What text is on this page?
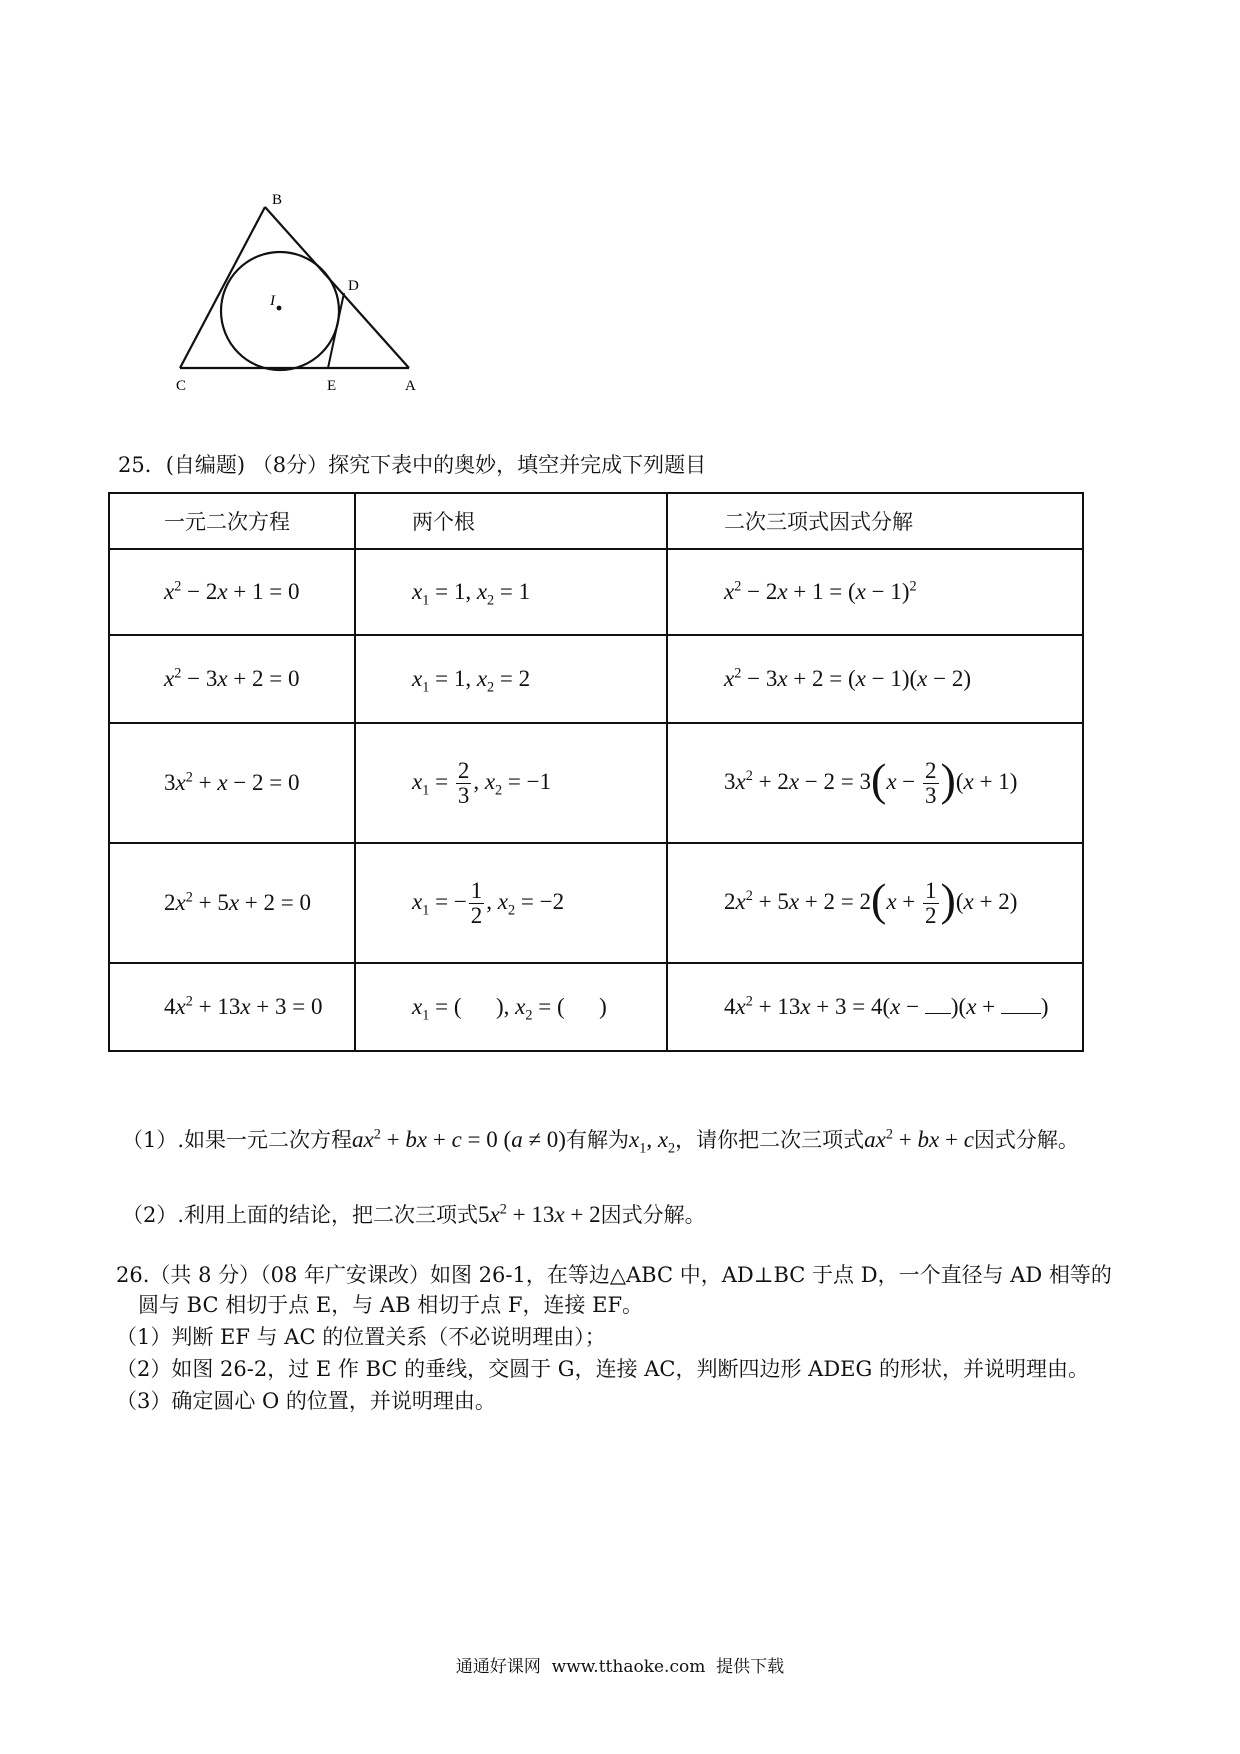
B
D
I
C	E	A
25．(自编题) （8分）探究下表中的奥妙，填空并完成下列题目
一元二次方程	两个根	二次三项式因式分解
$x^2 - 2x + 1 = 0$	$x_1 = 1$, $x_2 = 1$	$x^2 - 2x + 1 = (x - 1)^2$
$x^2 - 3x + 2 = 0$	$x_1 = 1$, $x_2 = 2$	$x^2 - 3x + 2 = (x - 1)(x - 2)$
$3x^2 + x - 2 = 0$	$x_1 = \frac{2}{3}$ , $x_2 = -1$	$3x^2 + 2x - 2 = 3(x - \frac{2}{3} )(x + 1)$
$2x^2 + 5x + 2 = 0$	$x_1$ = − $\frac{1}{2}$ , $x_2 = -2$	$2x^2 + 5x + 2 = 2(x + \frac{1}{2} )(x + 2)$
$4x^2 + 13x + 3 = 0$	$x_1$ = (      ), $x_2$ = (      )	$4x^2 + 13x + 3 = 4(x - )(x$ + )
（1）.如果一元二次方程$ax^2$ + bx + c = 0 (a ≠ 0)有解为$x_1$, $x_2$，请你把二次三项式$ax^2$ + bx + c因式分解。
（2）.利用上面的结论，把二次三项式$5x^2 + 13x + 2$因式分解。
26.（共 8 分）（08 年广安课改）如图 26-1，在等边△ABC 中，AD⊥BC 于点 D，一个直径与 AD 相等的
圆与 BC 相切于点 E，与 AB 相切于点 F，连接 EF。
（1）判断 EF 与 AC 的位置关系（不必说明理由）；
（2）如图 26-2，过 E 作 BC 的垂线，交圆于 G，连接 AC，判断四边形 ADEG 的形状，并说明理由。
（3）确定圆心 O 的位置，并说明理由。
通通好课网  www.tthaoke.com  提供下载
